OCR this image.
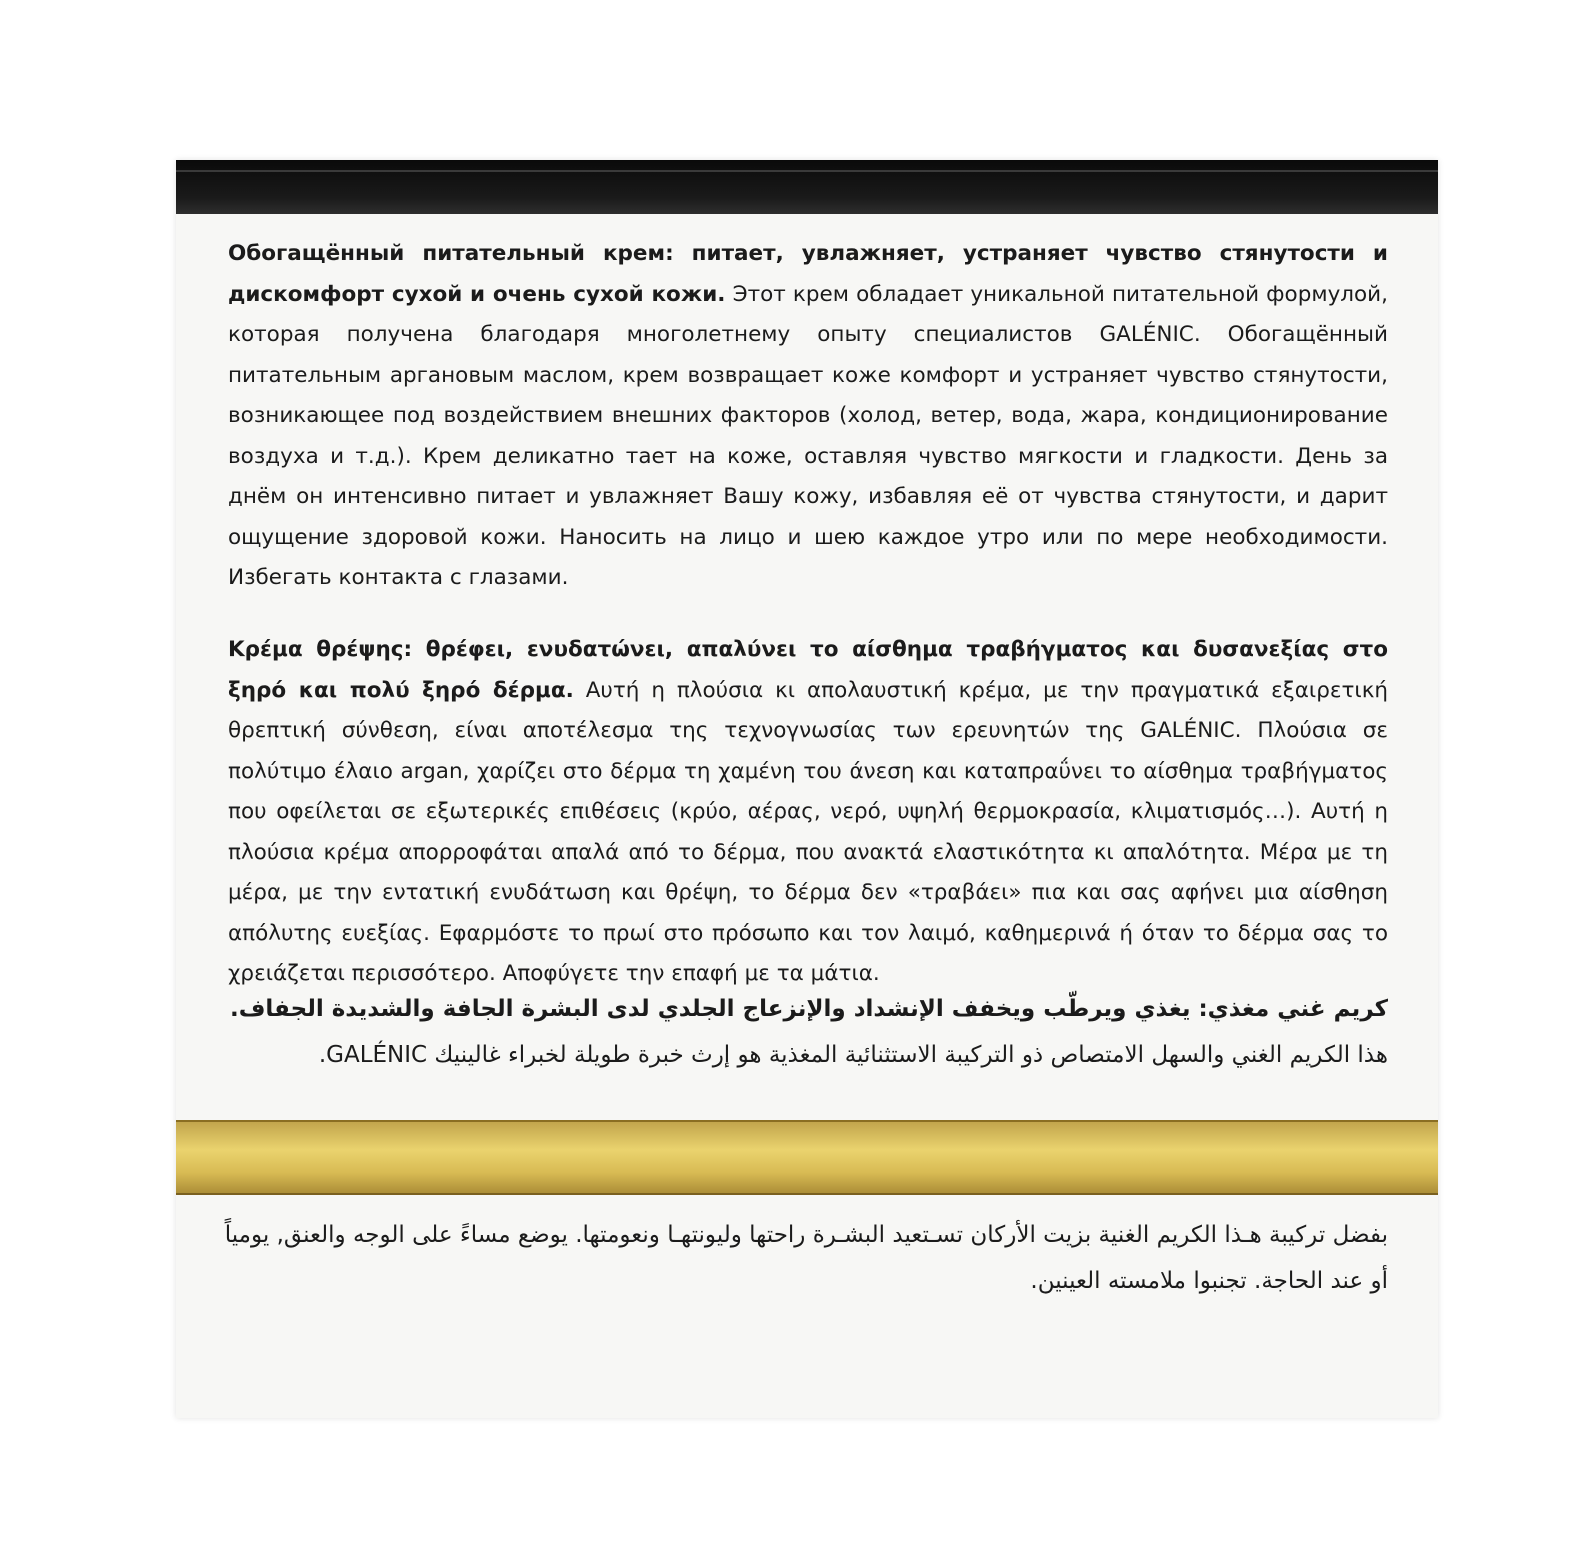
Обогащённый питательный крем: питает, увлажняет, устраняет чувство стянутости и дискомфорт сухой и очень сухой кожи. Этот крем обладает уникальной питательной формулой, которая получена благодаря многолетнему опыту специалистов GALÉNIC. Обогащённый питательным аргановым маслом, крем возвращает коже комфорт и устраняет чувство стянутости, возникающее под воздействием внешних факторов (холод, ветер, вода, жара, кондиционирование воздуха и т.д.). Крем деликатно тает на коже, оставляя чувство мягкости и гладкости. День за днём он интенсивно питает и увлажняет Вашу кожу, избавляя её от чувства стянутости, и дарит ощущение здоровой кожи. Наносить на лицо и шею каждое утро или по мере необходимости. Избегать контакта с глазами.

Κρέμα θρέψης: θρέφει, ενυδατώνει, απαλύνει το αίσθημα τραβήγματος και δυσανεξίας στο ξηρό και πολύ ξηρό δέρμα. Αυτή η πλούσια κι απολαυστική κρέμα, με την πραγματικά εξαιρετική θρεπτική σύνθεση, είναι αποτέλεσμα της τεχνογνωσίας των ερευνητών της GALÉNIC. Πλούσια σε πολύτιμο έλαιο argan, χαρίζει στο δέρμα τη χαμένη του άνεση και καταπραΰνει το αίσθημα τραβήγματος που οφείλεται σε εξωτερικές επιθέσεις (κρύο, αέρας, νερό, υψηλή θερμοκρασία, κλιματισμός…). Αυτή η πλούσια κρέμα απορροφάται απαλά από το δέρμα, που ανακτά ελαστικότητα κι απαλότητα. Μέρα με τη μέρα, με την εντατική ενυδάτωση και θρέψη, το δέρμα δεν «τραβάει» πια και σας αφήνει μια αίσθηση απόλυτης ευεξίας. Εφαρμόστε το πρωί στο πρόσωπο και τον λαιμό, καθημερινά ή όταν το δέρμα σας το χρειάζεται περισσότερο. Αποφύγετε την επαφή με τα μάτια.

كريم غني مغذي: يغذي ويرطّب ويخفف الإنشداد والإنزعاج الجلدي لدى البشرة الجافة والشديدة الجفاف.
هذا الكريم الغني والسهل الامتصاص ذو التركيبة الاستثنائية المغذية هو إرث خبرة طويلة لخبراء غالينيك GALÉNIC.
بفضل تركيبة هـذا الكريم الغنية بزيت الأركان تسـتعيد البشـرة راحتها وليونتهـا ونعومتها. يوضع مساءً على الوجه والعنق, يومياً أو عند الحاجة. تجنبوا ملامسته العينين.
